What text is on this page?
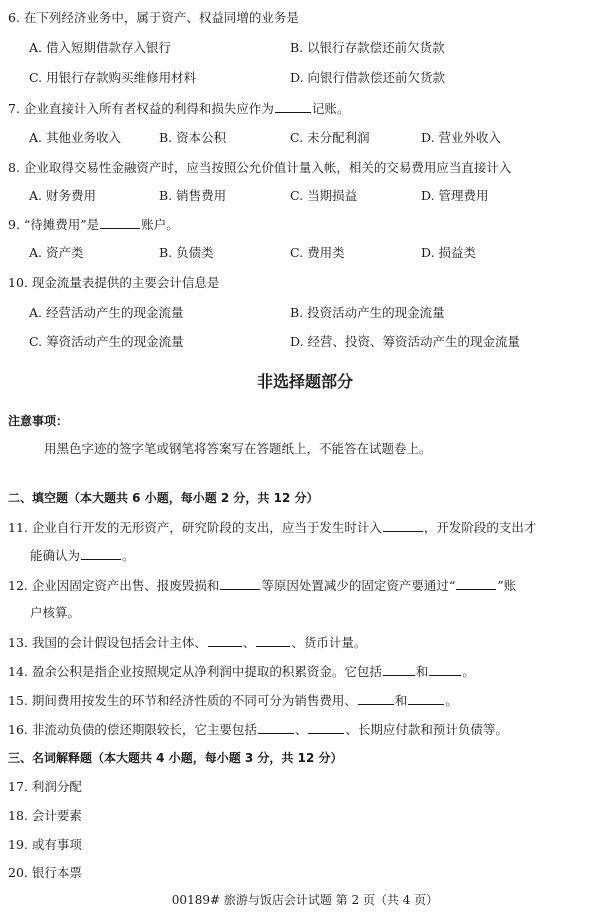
6. 在下列经济业务中，属于资产、权益同增的业务是
A. 借入短期借款存入银行	B. 以银行存款偿还前欠货款
C. 用银行存款购买维修用材料	D. 向银行借款偿还前欠货款
7. 企业直接计入所有者权益的利得和损失应作为	记账。
A. 其他业务收入	B. 资本公积	C. 未分配利润	D. 营业外收入
8. 企业取得交易性金融资产时，应当按照公允价值计量入帐，相关的交易费用应当直接计入
A. 财务费用	B. 销售费用	C. 当期损益	D. 管理费用
9. “待摊费用”是	账户。
A. 资产类	B. 负债类	C. 费用类	D. 损益类
10. 现金流量表提供的主要会计信息是
A. 经营活动产生的现金流量	B. 投资活动产生的现金流量
C. 筹资活动产生的现金流量	D. 经营、投资、筹资活动产生的现金流量
非选择题部分
注意事项：
用黑色字迹的签字笔或钢笔将答案写在答题纸上，不能答在试题卷上。
二、填空题（本大题共 6 小题，每小题 2 分，共 12 分）
11. 企业自行开发的无形资产，研究阶段的支出，应当于发生时计入	，开发阶段的支出才
能确认为	。
12. 企业因固定资产出售、报废毁损和	等原因处置减少的固定资产要通过“	”账
户核算。
13. 我国的会计假设包括会计主体、	、	、货币计量。
14. 盈余公积是指企业按照规定从净利润中提取的积累资金。它包括	和	。
15. 期间费用按发生的环节和经济性质的不同可分为销售费用、	和	。
16. 非流动负债的偿还期限较长，它主要包括	、	、长期应付款和预计负债等。
三、名词解释题（本大题共 4 小题，每小题 3 分，共 12 分）
17. 利润分配
18. 会计要素
19. 或有事项
20. 银行本票
00189# 旅游与饭店会计试题 第 2 页（共 4 页）
